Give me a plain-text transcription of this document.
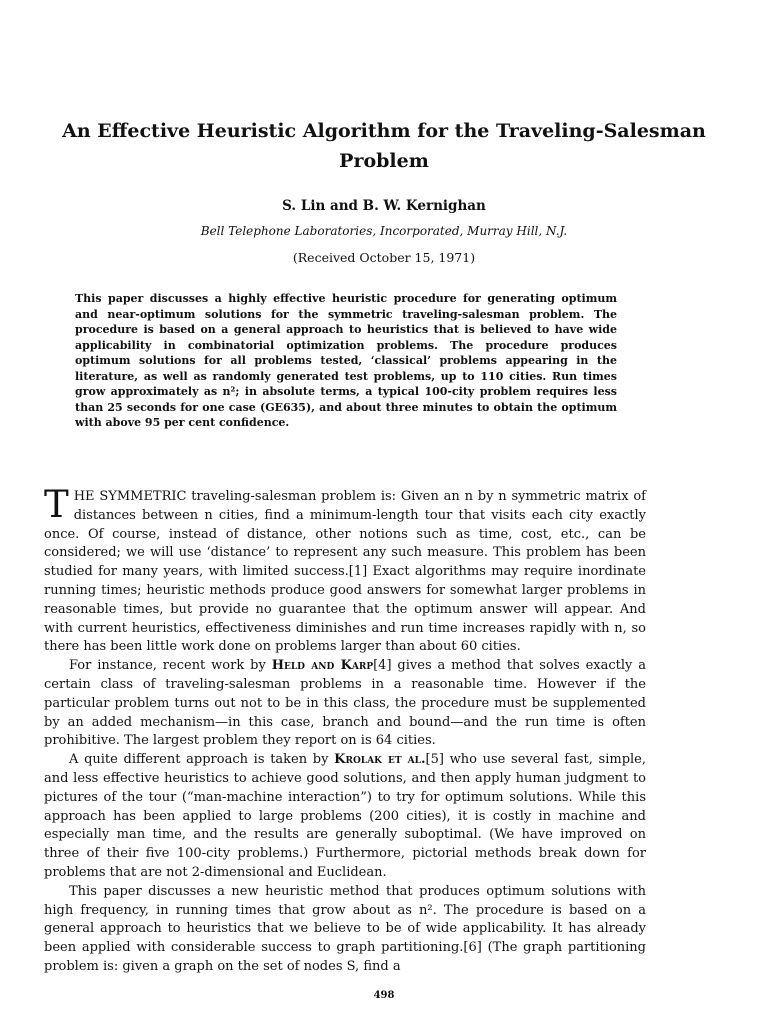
An Effective Heuristic Algorithm for the Traveling-Salesman Problem
S. Lin and B. W. Kernighan
Bell Telephone Laboratories, Incorporated, Murray Hill, N.J.
(Received October 15, 1971)
This paper discusses a highly effective heuristic procedure for generating optimum and near-optimum solutions for the symmetric traveling-salesman problem. The procedure is based on a general approach to heuristics that is believed to have wide applicability in combinatorial optimization problems. The procedure produces optimum solutions for all problems tested, ‘classical’ problems appearing in the literature, as well as randomly generated test problems, up to 110 cities. Run times grow approximately as n²; in absolute terms, a typical 100-city problem requires less than 25 seconds for one case (GE635), and about three minutes to obtain the optimum with above 95 per cent confidence.

THE SYMMETRIC traveling-salesman problem is: Given an n by n symmetric matrix of distances between n cities, find a minimum-length tour that visits each city exactly once. Of course, instead of distance, other notions such as time, cost, etc., can be considered; we will use ‘distance’ to represent any such measure. This problem has been studied for many years, with limited success.[1] Exact algorithms may require inordinate running times; heuristic methods produce good answers for somewhat larger problems in reasonable times, but provide no guarantee that the optimum answer will appear. And with current heuristics, effectiveness diminishes and run time increases rapidly with n, so there has been little work done on problems larger than about 60 cities.

For instance, recent work by Held and Karp[4] gives a method that solves exactly a certain class of traveling-salesman problems in a reasonable time. However if the particular problem turns out not to be in this class, the procedure must be supplemented by an added mechanism—in this case, branch and bound—and the run time is often prohibitive. The largest problem they report on is 64 cities.

A quite different approach is taken by Krolak et al.[5] who use several fast, simple, and less effective heuristics to achieve good solutions, and then apply human judgment to pictures of the tour (“man-machine interaction”) to try for optimum solutions. While this approach has been applied to large problems (200 cities), it is costly in machine and especially man time, and the results are generally suboptimal. (We have improved on three of their five 100-city problems.) Furthermore, pictorial methods break down for problems that are not 2-dimensional and Euclidean.

This paper discusses a new heuristic method that produces optimum solutions with high frequency, in running times that grow about as n². The procedure is based on a general approach to heuristics that we believe to be of wide applicability. It has already been applied with considerable success to graph partitioning.[6] (The graph partitioning problem is: given a graph on the set of nodes S, find a

498
